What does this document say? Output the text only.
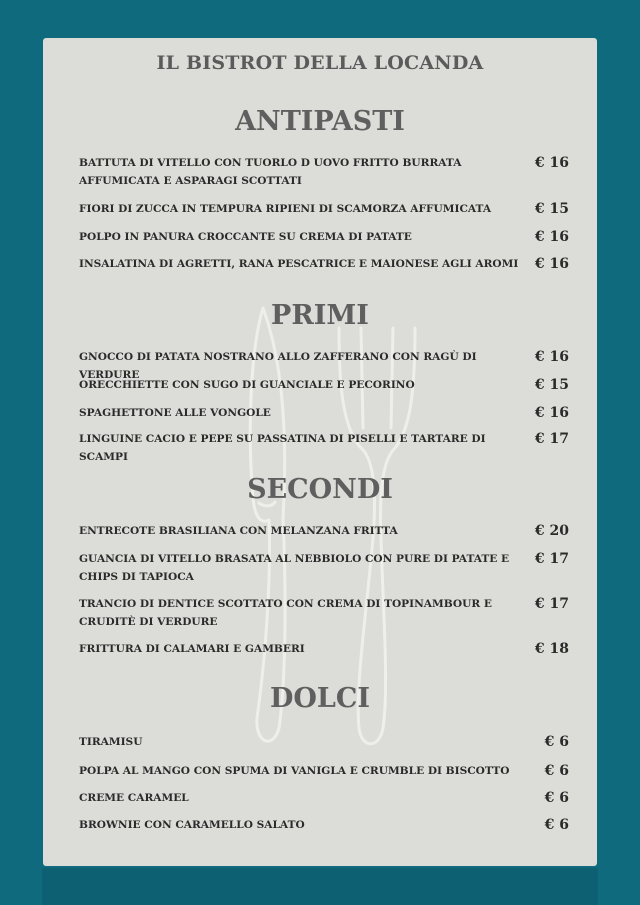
IL BISTROT DELLA LOCANDA
ANTIPASTI
BATTUTA DI VITELLO CON TUORLO D UOVO FRITTO BURRATA AFFUMICATA E ASPARAGI SCOTTATI
€ 16
FIORI DI ZUCCA IN TEMPURA RIPIENI DI SCAMORZA AFFUMICATA	€ 15
POLPO IN PANURA CROCCANTE SU CREMA DI PATATE	€ 16
INSALATINA DI AGRETTI, RANA PESCATRICE E MAIONESE AGLI AROMI	€ 16
PRIMI
GNOCCO DI PATATA NOSTRANO ALLO ZAFFERANO CON RAGÙ DI VERDURE
€ 16
ORECCHIETTE CON SUGO DI GUANCIALE E PECORINO	€ 15
SPAGHETTONE ALLE VONGOLE	€ 16
LINGUINE CACIO E PEPE SU PASSATINA DI PISELLI E TARTARE DI SCAMPI
€ 17
SECONDI
ENTRECOTE BRASILIANA CON MELANZANA FRITTA	€ 20
GUANCIA DI VITELLO BRASATA AL NEBBIOLO CON PURE DI PATATE E CHIPS DI TAPIOCA
€ 17
TRANCIO DI DENTICE SCOTTATO CON CREMA DI TOPINAMBOUR E CRUDITÈ DI VERDURE
€ 17
FRITTURA DI CALAMARI E GAMBERI	€ 18
DOLCI
TIRAMISU	€ 6
POLPA AL MANGO CON SPUMA DI VANIGLA E CRUMBLE DI BISCOTTO	€ 6
CREME CARAMEL	€ 6
BROWNIE CON CARAMELLO SALATO	€ 6
